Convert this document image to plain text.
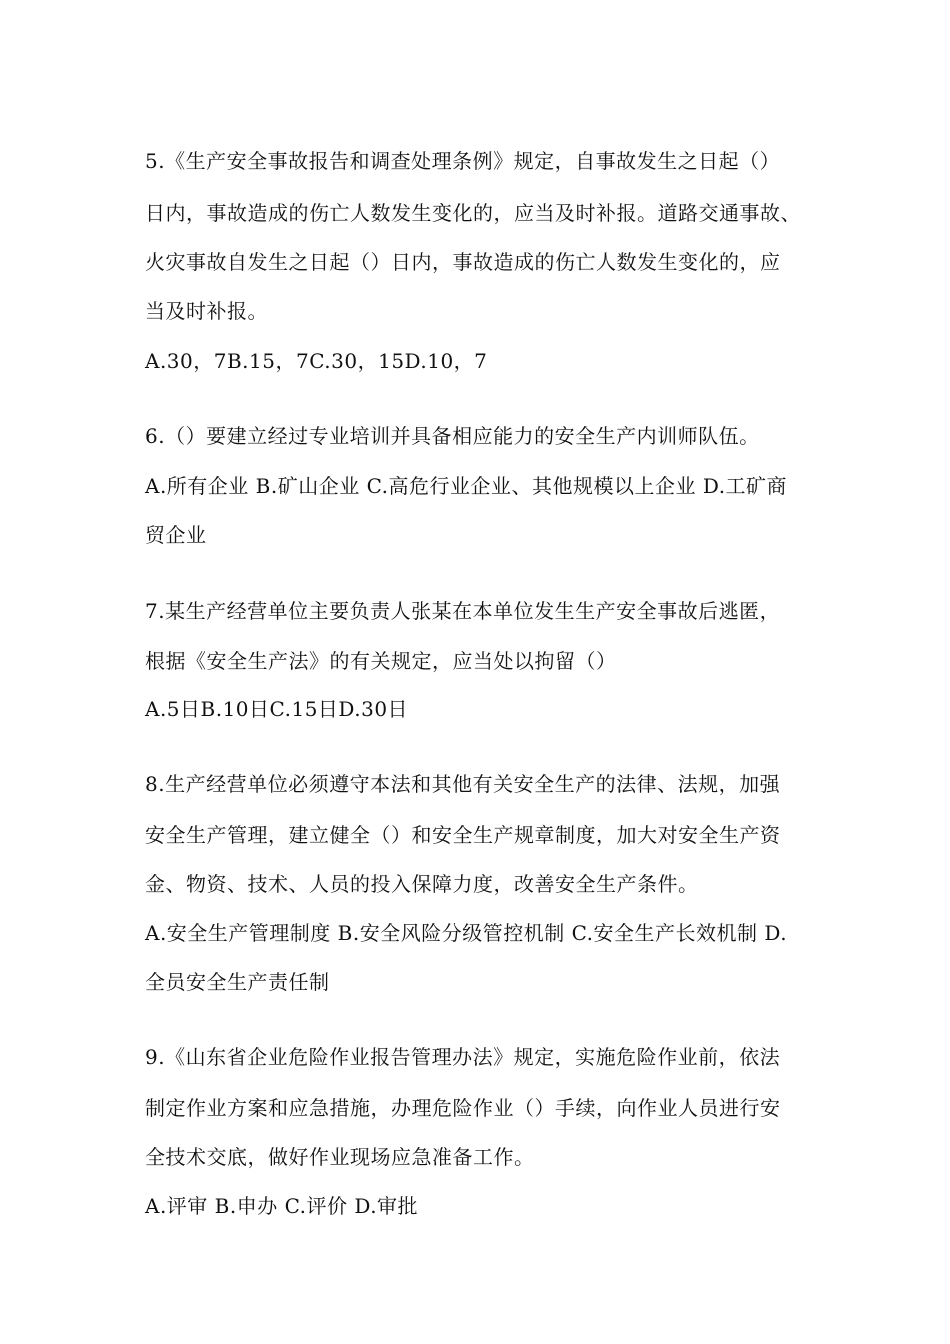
5.《生产安全事故报告和调查处理条例》规定，自事故发生之日起（）
日内，事故造成的伤亡人数发生变化的，应当及时补报。道路交通事故、
火灾事故自发生之日起（）日内，事故造成的伤亡人数发生变化的，应
当及时补报。
A.30，7B.15，7C.30，15D.10，7
6.（）要建立经过专业培训并具备相应能力的安全生产内训师队伍。
A.所有企业 B.矿山企业 C.高危行业企业、其他规模以上企业 D.工矿商
贸企业
7.某生产经营单位主要负责人张某在本单位发生生产安全事故后逃匿，
根据《安全生产法》的有关规定，应当处以拘留（）
A.5日B.10日C.15日D.30日
8.生产经营单位必须遵守本法和其他有关安全生产的法律、法规，加强
安全生产管理，建立健全（）和安全生产规章制度，加大对安全生产资
金、物资、技术、人员的投入保障力度，改善安全生产条件。
A.安全生产管理制度 B.安全风险分级管控机制 C.安全生产长效机制 D.
全员安全生产责任制
9.《山东省企业危险作业报告管理办法》规定，实施危险作业前，依法
制定作业方案和应急措施，办理危险作业（）手续，向作业人员进行安
全技术交底，做好作业现场应急准备工作。
A.评审 B.申办 C.评价 D.审批
